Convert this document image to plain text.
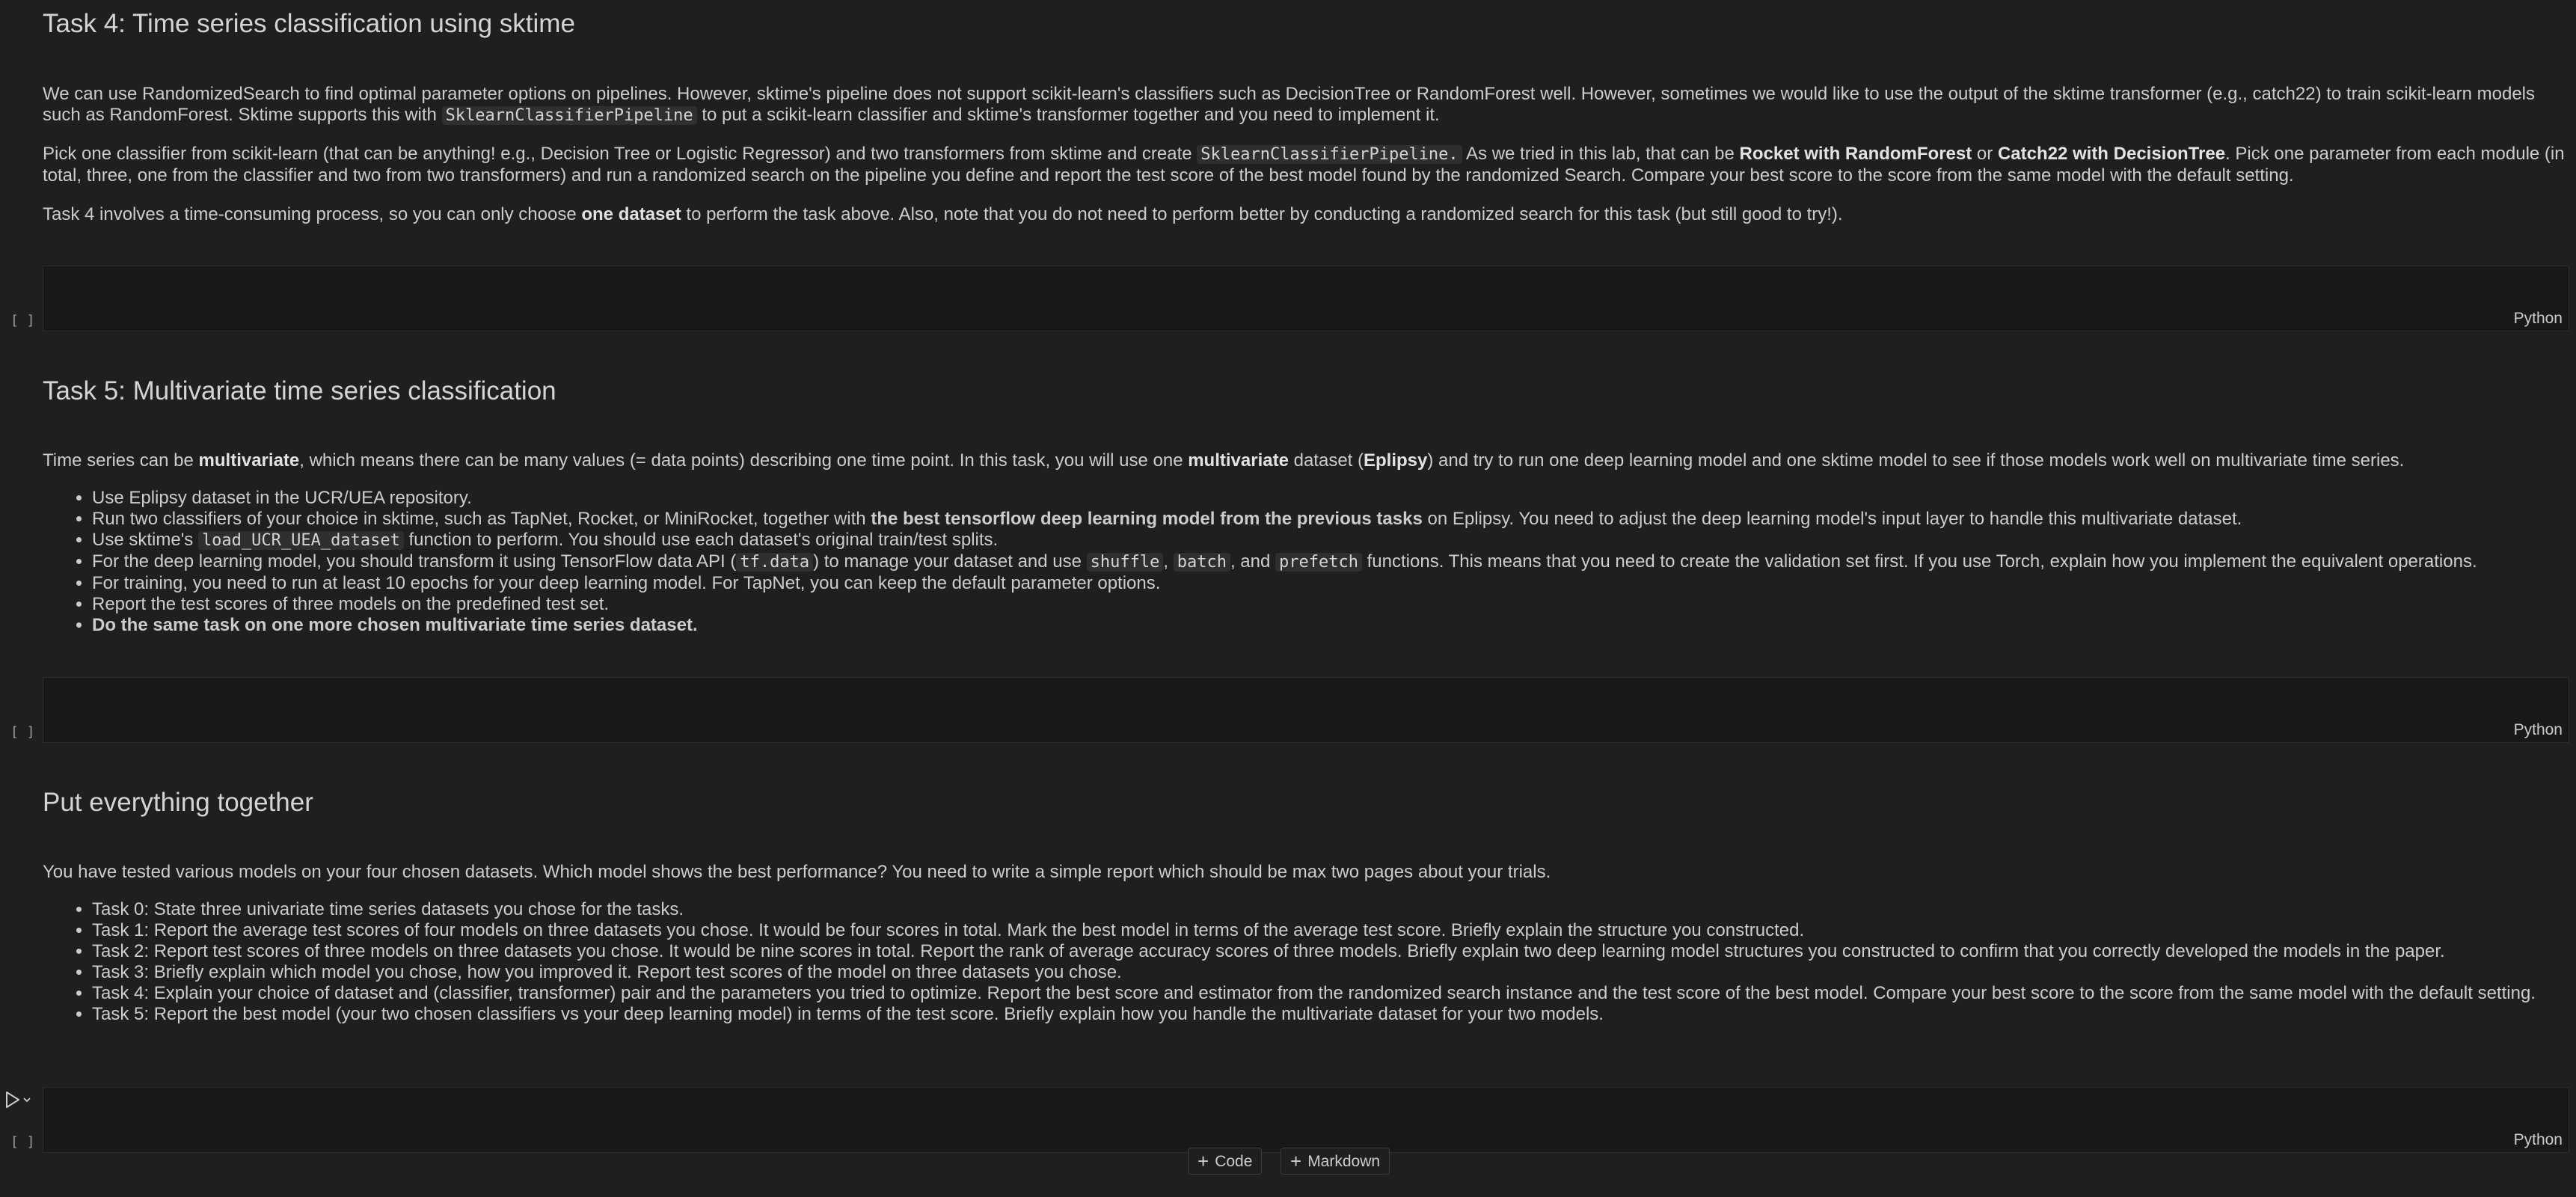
Task 4: Time series classification using sktime
We can use RandomizedSearch to find optimal parameter options on pipelines. However, sktime's pipeline does not support scikit-learn's classifiers such as DecisionTree or RandomForest well. However, sometimes we would like to use the output of the sktime transformer (e.g., catch22) to train scikit-learn models such as RandomForest. Sktime supports this with SklearnClassifierPipeline to put a scikit-learn classifier and sktime's transformer together and you need to implement it.
Pick one classifier from scikit-learn (that can be anything! e.g., Decision Tree or Logistic Regressor) and two transformers from sktime and create SklearnClassifierPipeline. As we tried in this lab, that can be Rocket with RandomForest or Catch22 with DecisionTree. Pick one parameter from each module (in total, three, one from the classifier and two from two transformers) and run a randomized search on the pipeline you define and report the test score of the best model found by the randomized Search. Compare your best score to the score from the same model with the default setting.
Task 4 involves a time-consuming process, so you can only choose one dataset to perform the task above. Also, note that you do not need to perform better by conducting a randomized search for this task (but still good to try!).
Python
[ ]
Task 5: Multivariate time series classification
Time series can be multivariate, which means there can be many values (= data points) describing one time point. In this task, you will use one multivariate dataset (Eplipsy) and try to run one deep learning model and one sktime model to see if those models work well on multivariate time series.
• Use Eplipsy dataset in the UCR/UEA repository.
• Run two classifiers of your choice in sktime, such as TapNet, Rocket, or MiniRocket, together with the best tensorflow deep learning model from the previous tasks on Eplipsy. You need to adjust the deep learning model's input layer to handle this multivariate dataset.
• Use sktime's load_UCR_UEA_dataset function to perform. You should use each dataset's original train/test splits.
• For the deep learning model, you should transform it using TensorFlow data API ( tf.data ) to manage your dataset and use shuffle , batch , and prefetch functions. This means that you need to create the validation set first. If you use Torch, explain how you implement the equivalent operations.
• For training, you need to run at least 10 epochs for your deep learning model. For TapNet, you can keep the default parameter options.
• Report the test scores of three models on the predefined test set.
• Do the same task on one more chosen multivariate time series dataset.
Python
[ ]
Put everything together
You have tested various models on your four chosen datasets. Which model shows the best performance? You need to write a simple report which should be max two pages about your trials.
• Task 0: State three univariate time series datasets you chose for the tasks.
• Task 1: Report the average test scores of four models on three datasets you chose. It would be four scores in total. Mark the best model in terms of the average test score. Briefly explain the structure you constructed.
• Task 2: Report test scores of three models on three datasets you chose. It would be nine scores in total. Report the rank of average accuracy scores of three models. Briefly explain two deep learning model structures you constructed to confirm that you correctly developed the models in the paper.
• Task 3: Briefly explain which model you chose, how you improved it. Report test scores of the model on three datasets you chose.
• Task 4: Explain your choice of dataset and (classifier, transformer) pair and the parameters you tried to optimize. Report the best score and estimator from the randomized search instance and the test score of the best model. Compare your best score to the score from the same model with the default setting.
• Task 5: Report the best model (your two chosen classifiers vs your deep learning model) in terms of the test score. Briefly explain how you handle the multivariate dataset for your two models.
Python
[ ]
+ Code	+ Markdown
